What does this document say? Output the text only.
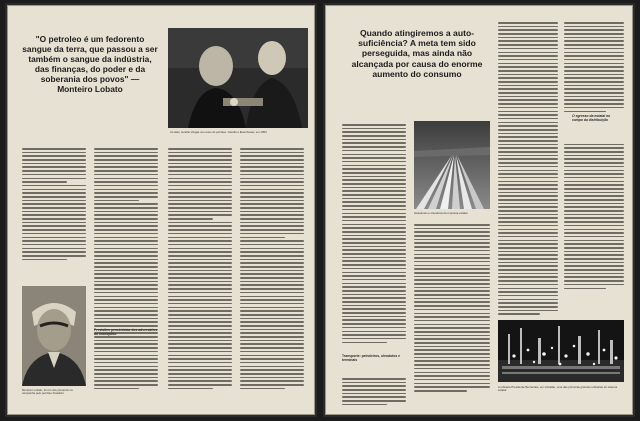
"O petroleo é um fedorento sangue da terra, que passou a ser também o sangue da indústria, das finanças, do poder e da soberania dos povos" — Monteiro Lobato
Ao lado, Getúlio Vargas nos anos do petróleo. Getúlio e Eisenhower, em 1953
Monteiro Lobato, foi um dos pioneiros na campanha pelo petróleo brasileiro
Previsões pessimistas dos adversários do monopólio
Quando atingiremos a auto-suficiência? A meta tem sido perseguida, mas ainda não alcançada por causa do enorme aumento do consumo
O egresso da estatal no campo da distribuição
Transporte: petroleiros, oleodutos e terminais
Gasodutos e oleodutos da empresa estatal
A refinaria Presidente Bernardes, em Cubatão, uma das primeiras grandes refinarias do sistema estatal
